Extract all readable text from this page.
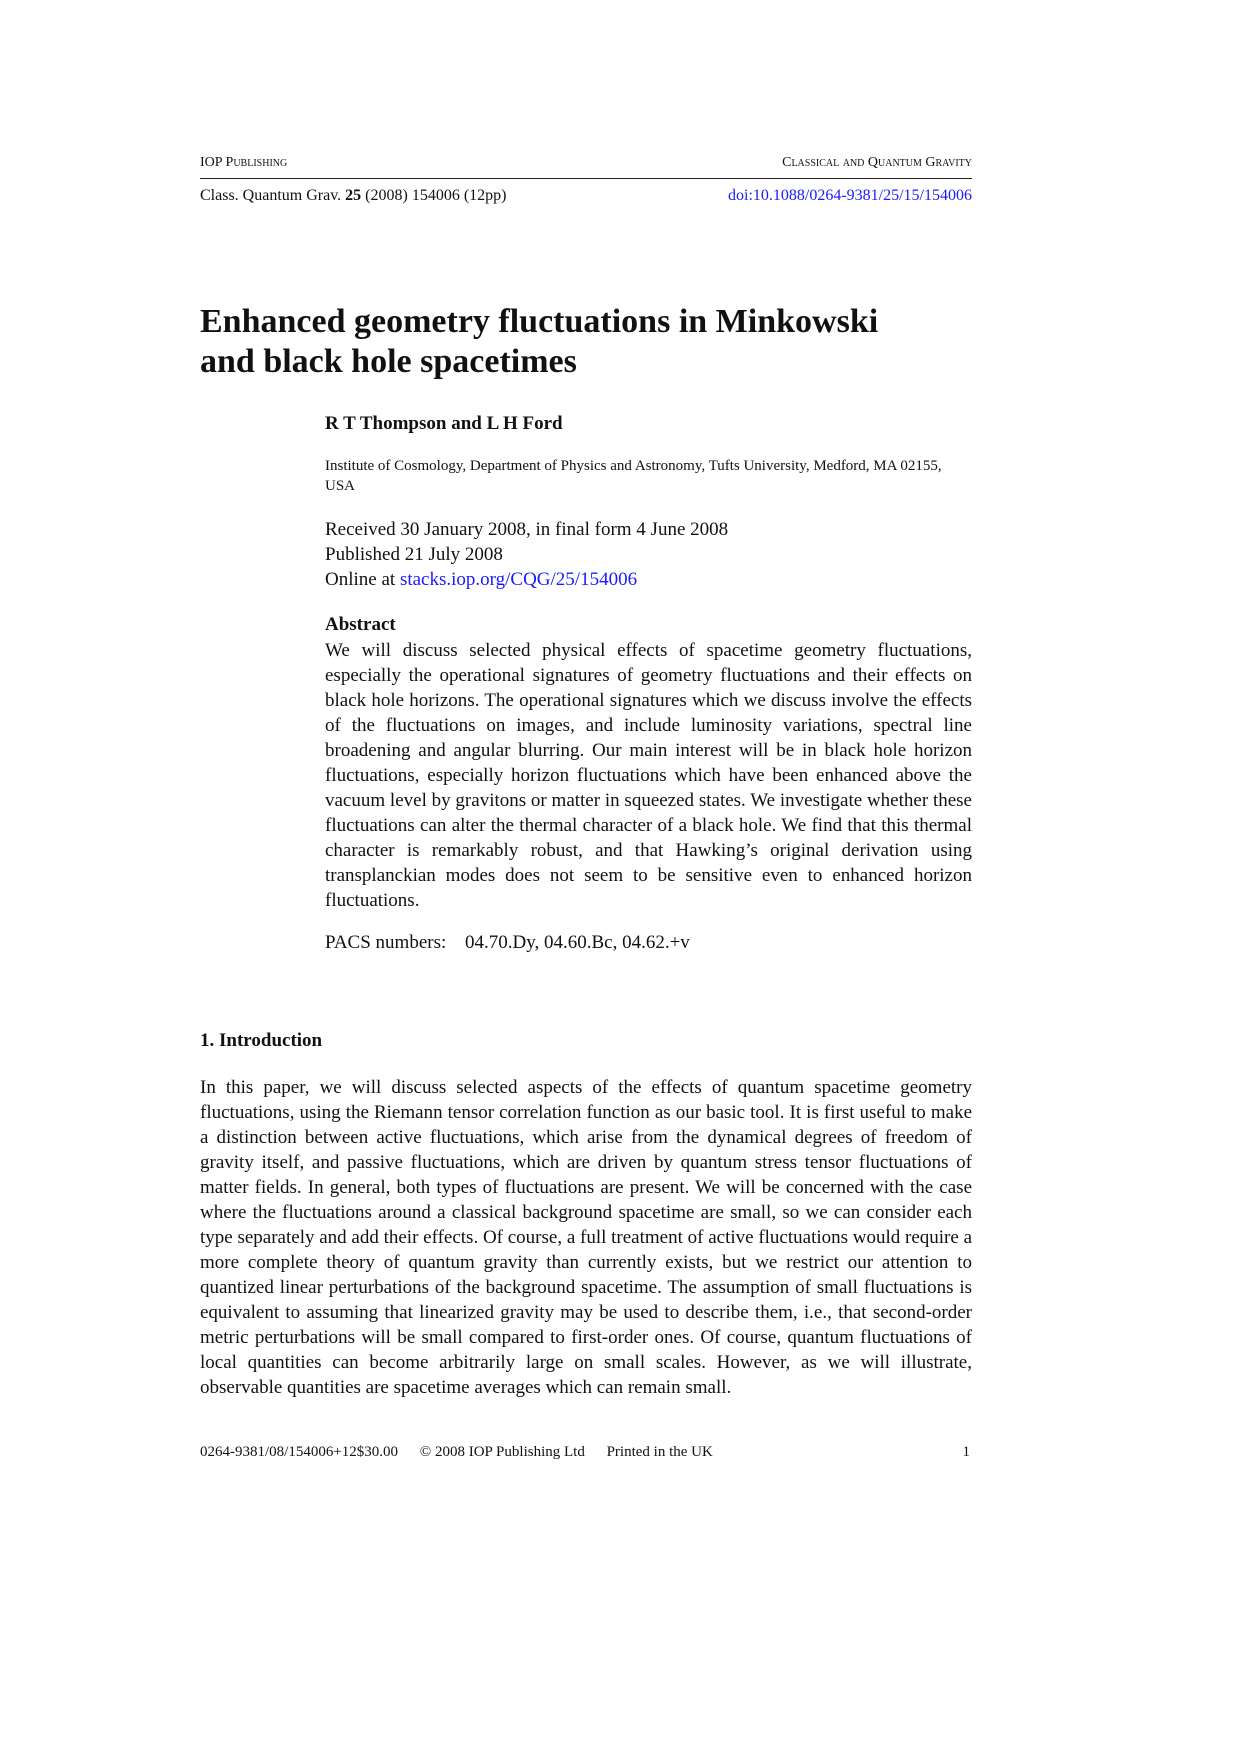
IOP Publishing	Classical and Quantum Gravity
Class. Quantum Grav. 25 (2008) 154006 (12pp)	doi:10.1088/0264-9381/25/15/154006
Enhanced geometry fluctuations in Minkowski and black hole spacetimes
R T Thompson and L H Ford
Institute of Cosmology, Department of Physics and Astronomy, Tufts University, Medford, MA 02155, USA
Received 30 January 2008, in final form 4 June 2008
Published 21 July 2008
Online at stacks.iop.org/CQG/25/154006
Abstract

We will discuss selected physical effects of spacetime geometry fluctuations, especially the operational signatures of geometry fluctuations and their effects on black hole horizons. The operational signatures which we discuss involve the effects of the fluctuations on images, and include luminosity variations, spectral line broadening and angular blurring. Our main interest will be in black hole horizon fluctuations, especially horizon fluctuations which have been enhanced above the vacuum level by gravitons or matter in squeezed states. We investigate whether these fluctuations can alter the thermal character of a black hole. We find that this thermal character is remarkably robust, and that Hawking’s original derivation using transplanckian modes does not seem to be sensitive even to enhanced horizon fluctuations.

PACS numbers: 04.70.Dy, 04.60.Bc, 04.62.+v
1. Introduction

In this paper, we will discuss selected aspects of the effects of quantum spacetime geometry fluctuations, using the Riemann tensor correlation function as our basic tool. It is first useful to make a distinction between active fluctuations, which arise from the dynamical degrees of freedom of gravity itself, and passive fluctuations, which are driven by quantum stress tensor fluctuations of matter fields. In general, both types of fluctuations are present. We will be concerned with the case where the fluctuations around a classical background spacetime are small, so we can consider each type separately and add their effects. Of course, a full treatment of active fluctuations would require a more complete theory of quantum gravity than currently exists, but we restrict our attention to quantized linear perturbations of the background spacetime. The assumption of small fluctuations is equivalent to assuming that linearized gravity may be used to describe them, i.e., that second-order metric perturbations will be small compared to first-order ones. Of course, quantum fluctuations of local quantities can become arbitrarily large on small scales. However, as we will illustrate, observable quantities are spacetime averages which can remain small.

0264-9381/08/154006+12$30.00 © 2008 IOP Publishing Ltd Printed in the UK	1
